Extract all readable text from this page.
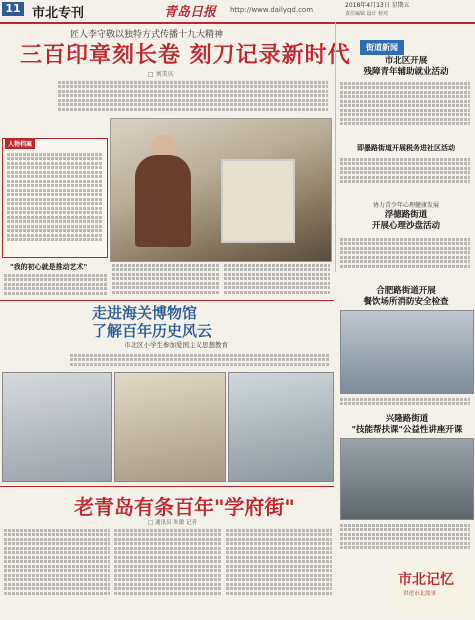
11 市北专刊	青岛日报 http://www.dailyqd.com
2018年4月13日 星期五
责任编辑 设计 校对
匠人李守敬以独特方式传播十九大精神
三百印章刻长卷 刻刀记录新时代
□ 刘美庆
人物档案
"我的初心就是推动艺术"
街道新闻
市北区开展
残障青年辅助就业活动
即墨路街道开展税务进社区活动
协力青少年心理健康发展
浮德路街道
开展心理沙盘活动
合肥路街道开展
餐饮场所消防安全检查
兴隆路街道
"技能帮扶课"公益性讲座开课
走进海关博物馆
了解百年历史风云
市北区小学生参加爱国主义思想教育
老青岛有条百年"学府街"
□ 通讯员 朱敏 记者
市北记忆
讲述市北故事
